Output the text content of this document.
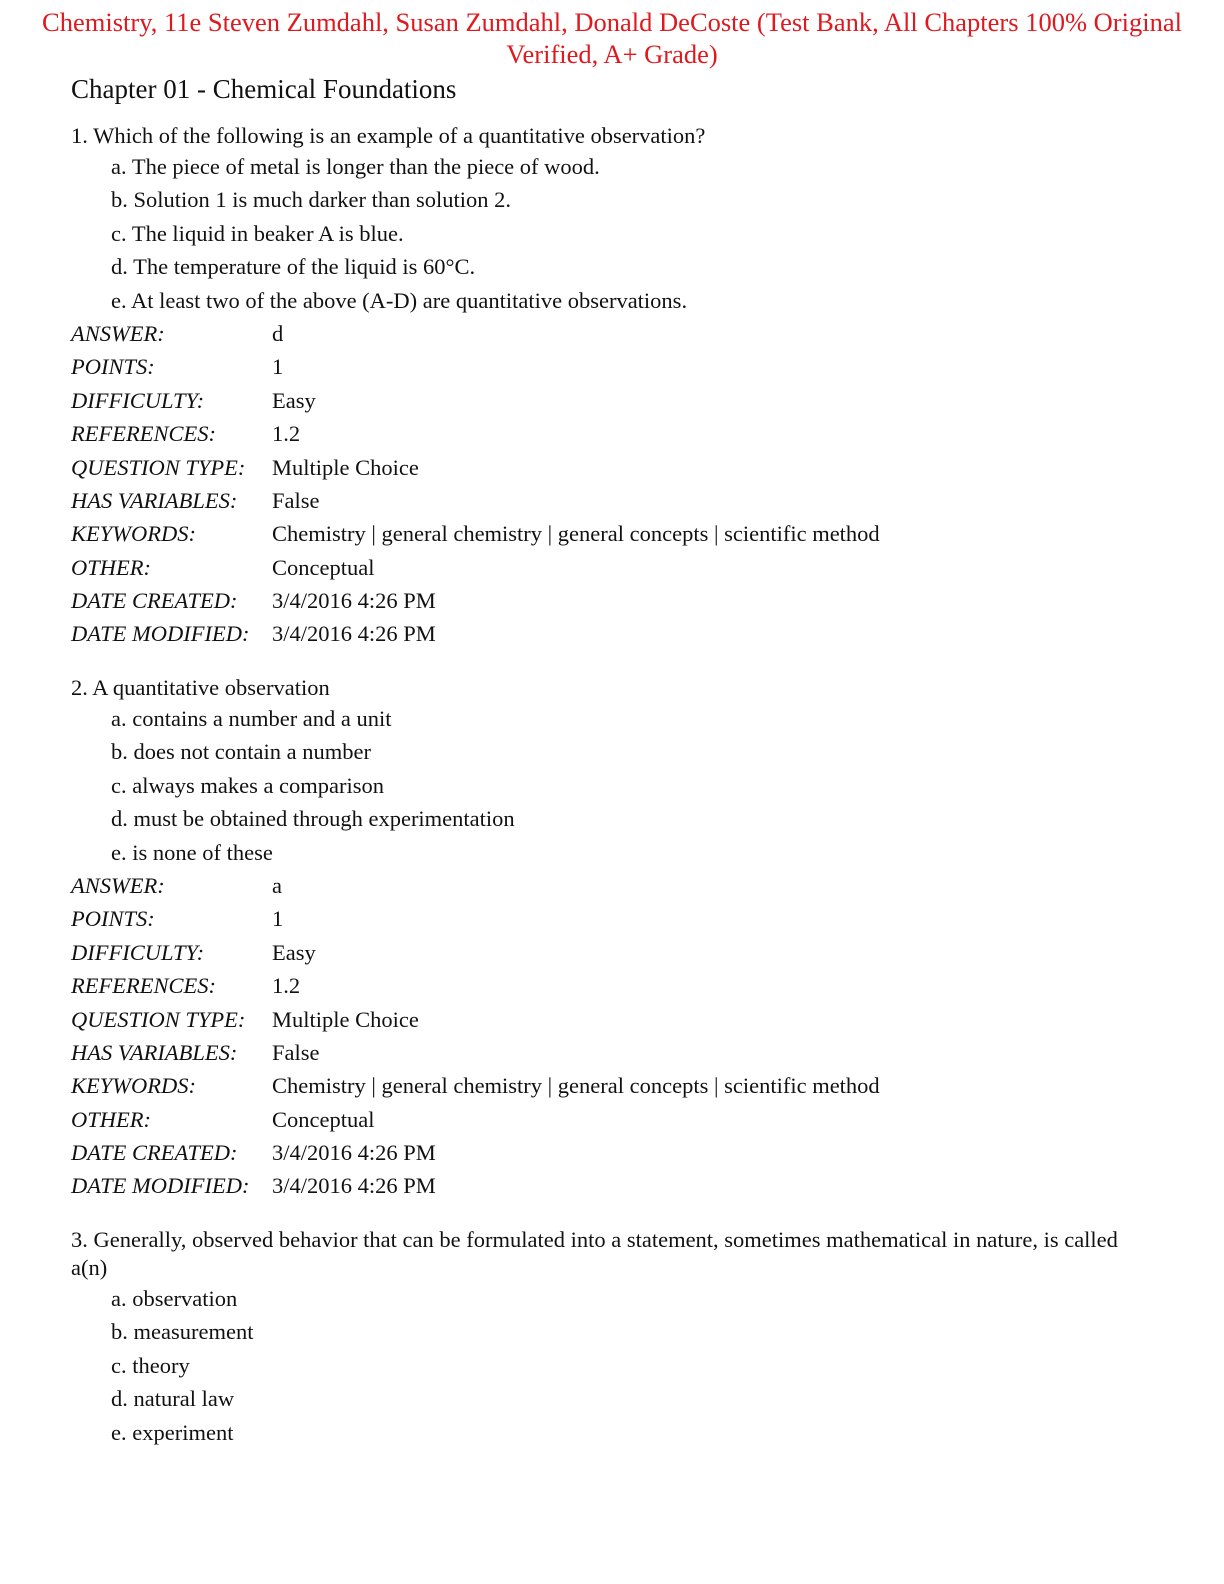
Chemistry, 11e Steven Zumdahl, Susan Zumdahl, Donald DeCoste (Test Bank, All Chapters 100% Original Verified, A+ Grade)
Chapter 01 - Chemical Foundations

1. Which of the following is an example of a quantitative observation?

a. The piece of metal is longer than the piece of wood.
b. Solution 1 is much darker than solution 2.
c. The liquid in beaker A is blue.
d. The temperature of the liquid is 60°C.
e. At least two of the above (A-D) are quantitative observations.
ANSWER:	d
POINTS:	1
DIFFICULTY:	Easy
REFERENCES:	1.2
QUESTION TYPE:	Multiple Choice
HAS VARIABLES:	False
KEYWORDS:	Chemistry | general chemistry | general concepts | scientific method
OTHER:	Conceptual
DATE CREATED:	3/4/2016 4:26 PM
DATE MODIFIED:	3/4/2016 4:26 PM

2. A quantitative observation

a. contains a number and a unit
b. does not contain a number
c. always makes a comparison
d. must be obtained through experimentation
e. is none of these
ANSWER:	a
POINTS:	1
DIFFICULTY:	Easy
REFERENCES:	1.2
QUESTION TYPE:	Multiple Choice
HAS VARIABLES:	False
KEYWORDS:	Chemistry | general chemistry | general concepts | scientific method
OTHER:	Conceptual
DATE CREATED:	3/4/2016 4:26 PM
DATE MODIFIED:	3/4/2016 4:26 PM

3. Generally, observed behavior that can be formulated into a statement, sometimes mathematical in nature, is called a(n)

a. observation
b. measurement
c. theory
d. natural law
e. experiment
